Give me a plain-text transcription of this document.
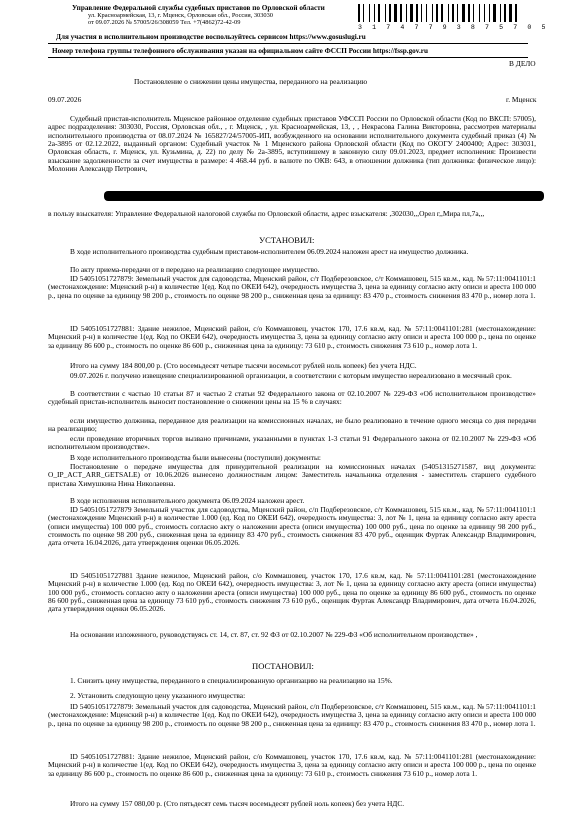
Управление Федеральной службы судебных приставов по Орловской области
ул. Красноармейская, 13, г. Мценск, Орловская обл., Россия, 303030
от 09.07.2026 № 57005/26/308059 Тел. +7(4862)72-42-09
3 1 7 4 7 7 9 3 8 7 5 7 0 5
Для участия в исполнительном производстве воспользуйтесь сервисом https://www.gosuslugi.ru
Номер телефона группы телефонного обслуживания указан на официальном сайте ФССП России https://fssp.gov.ru
В ДЕЛО
Постановление о снижении цены имущества, переданного на реализацию
09.07.2026	г. Мценск
Судебный пристав-исполнитель Мценское районное отделение судебных приставов УФССП России по Орловской области (Код по ВКСП: 57005), адрес подразделения: 303030, Россия, Орловская обл., , г. Мценск, , ул. Красноармейская, 13, , , Некрасова Галина Викторовна, рассмотрев материалы исполнительного производства от 08.07.2024 № 165827/24/57005-ИП, возбужденного на основании исполнительного документа судебный приказ (4) № 2а-3895 от 02.12.2022, выданный органом: Судебный участок № 1 Мценского района Орловской области (Код по ОКОГУ 2400400; Адрес: 303031, Орловская область, г. Мценск, ул. Кузьмина, д. 22) по делу № 2а-3895, вступившему в законную силу 09.01.2023, предмет исполнения: Произвести взыскание задолженности за счет имущества в размере: 4 468.44 руб. в валюте по ОКВ: 643, в отношении должника (тип должника: физическое лицо): Молонин Александр Петрович,
в пользу взыскателя: Управление Федеральной налоговой службы по Орловской области, адрес взыскателя: ,302030,,,Орел г,,Мира пл,7а,,,
УСТАНОВИЛ:
В ходе исполнительного производства судебным приставом-исполнителем 06.09.2024 наложен арест на имущество должника.
По акту приема-передачи от в передано на реализацию следующее имущество.
ID 54051051727879: Земельный участок для садоводства, Мценский район, с/т Подберезовское, с/т Коммашовец, 515 кв.м., кад. № 57:11:0041101:1 (местонахождение: Мценский р-н) в количестве 1(ед. Код по ОКЕИ 642), очередность имущества 3, цена за единицу согласно акту описи и ареста 100 000 р., цена по оценке за единицу 98 200 р., стоимость по оценке 98 200 р., сниженная цена за единицу: 83 470 р., стоимость снижения 83 470 р., номер лота 1.
ID 54051051727881: Здание нежилое, Мценский район, с/о Коммашовец, участок 170, 17.6 кв.м, кад. № 57:11:0041101:281 (местонахождение: Мценский р-н) в количестве 1(ед. Код по ОКЕИ 642), очередность имущества 3, цена за единицу согласно акту описи и ареста 100 000 р., цена по оценке за единицу 86 600 р., стоимость по оценке 86 600 р., сниженная цена за единицу: 73 610 р., стоимость снижения 73 610 р., номер лота 1.
Итого на сумму 184 800,00 р. (Сто восемьдесят четыре тысячи восемьсот рублей ноль копеек) без учета НДС.
09.07.2026 г. получено извещение специализированной организации, в соответствии с которым имущество нереализовано в месячный срок.
В соответствии с частью 10 статьи 87 и частью 2 статьи 92 Федерального закона от 02.10.2007 № 229-ФЗ «Об исполнительном производстве» судебный пристав-исполнитель выносит постановление о снижении цены на 15 % в случаях:
если имущество должника, переданное для реализации на комиссионных началах, не было реализовано в течение одного месяца со дня передачи на реализацию;
если проведение вторичных торгов вызвано причинами, указанными в пунктах 1-3 статьи 91 Федерального закона от 02.10.2007 № 229-ФЗ «Об исполнительном производстве».
В ходе исполнительного производства были вынесены (поступили) документы:
Постановление о передаче имущества для принудительной реализации на комиссионных началах (54051315271587, вид документа: O_IP_ACT_ARR_GETSALE) от 10.06.2026 вынесено должностным лицом: Заместитель начальника отделения - заместитель старшего судебного пристава Химушкина Нина Николаевна.
В ходе исполнения исполнительного документа 06.09.2024 наложен арест.
ID 54051051727879 Земельный участок для садоводства, Мценский район, с/п Подберезовское, с/т Коммашовец, 515 кв.м., кад. № 57:11:0041101:1 (местонахождение Мценский р-н) в количестве 1.000 (ед. Код по ОКЕИ 642), очередность имущества: 3, лот № 1, цена за единицу согласно акту ареста (описи имущества) 100 000 руб., стоимость согласно акту о наложении ареста (описи имущества) 100 000 руб., цена по оценке за единицу 98 200 руб., стоимость по оценке 98 200 руб., сниженная цена за единицу 83 470 руб., стоимость снижения 83 470 руб., оценщик Фуртак Александр Владимирович, дата отчета 16.04.2026, дата утверждения оценки 06.05.2026.
ID 54051051727881 Здание нежилое, Мценский район, с/о Коммашовец, участок 170, 17.6 кв.м, кад. № 57:11:0041101:281 (местонахождение Мценский р-н) в количестве 1.000 (ед. Код по ОКЕИ 642), очередность имущества: 3, лот № 1, цена за единицу согласно акту ареста (описи имущества) 100 000 руб., стоимость согласно акту о наложении ареста (описи имущества) 100 000 руб., цена по оценке за единицу 86 600 руб., стоимость по оценке 86 600 руб., сниженная цена за единицу 73 610 руб., стоимость снижения 73 610 руб., оценщик Фуртак Александр Владимирович, дата отчета 16.04.2026, дата утверждения оценки 06.05.2026.
На основании изложенного, руководствуясь ст. 14, ст. 87, ст. 92 ФЗ от 02.10.2007 № 229-ФЗ «Об исполнительном производстве» ,
ПОСТАНОВИЛ:
1. Снизить цену имущества, переданного в специализированную организацию на реализацию на 15%.
2. Установить следующую цену указанного имущества:
ID 54051051727879: Земельный участок для садоводства, Мценский район, с/п Подберезовское, с/т Коммашовец, 515 кв.м., кад. № 57:11:0041101:1 (местонахождение: Мценский р-н) в количестве 1(ед. Код по ОКЕИ 642), очередность имущества 3, цена за единицу согласно акту описи и ареста 100 000 р., цена по оценке за единицу 98 200 р., стоимость по оценке 98 200 р., сниженная цена за единицу: 83 470 р., стоимость снижения 83 470 р., номер лота 1.
ID 54051051727881: Здание нежилое, Мценский район, с/о Коммашовец, участок 170, 17.6 кв.м, кад. № 57:11:0041101:281 (местонахождение: Мценский р-н) в количестве 1(ед. Код по ОКЕИ 642), очередность имущества 3, цена за единицу согласно акту описи и ареста 100 000 р., цена по оценке за единицу 86 600 р., стоимость по оценке 86 600 р., сниженная цена за единицу: 73 610 р., стоимость снижения 73 610 р., номер лота 1.
Итого на сумму 157 080,00 р. (Сто пятьдесят семь тысяч восемьдесят рублей ноль копеек) без учета НДС.
